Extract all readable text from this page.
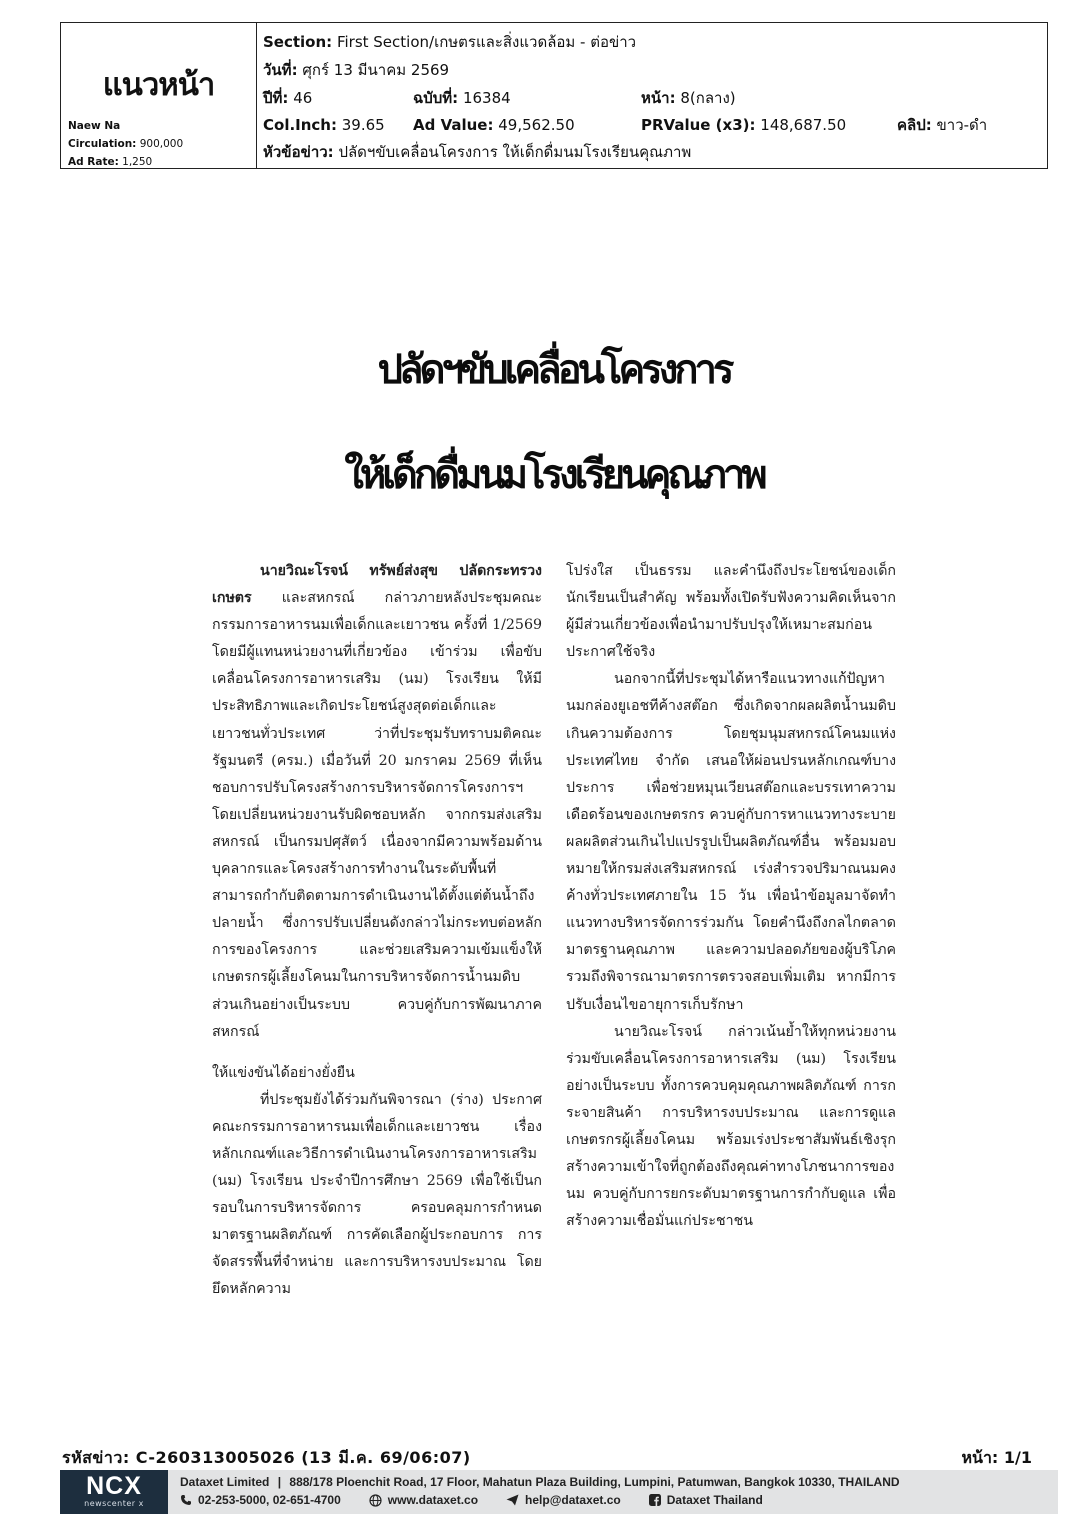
แนวหน้า
Naew Na
Circulation: 900,000
Ad Rate: 1,250
Section: First Section/เกษตรและสิ่งแวดล้อม - ต่อข่าว
วันที่: ศุกร์ 13 มีนาคม 2569
ปีที่: 46	ฉบับที่: 16384	หน้า: 8(กลาง)
Col.Inch: 39.65 Ad Value: 49,562.50	PRValue (x3): 148,687.50	คลิป: ขาว-ดำ
หัวข้อข่าว: ปลัดฯขับเคลื่อนโครงการ ให้เด็กดื่มนมโรงเรียนคุณภาพ
ปลัดฯขับเคลื่อนโครงการ
ให้เด็กดื่มนมโรงเรียนคุณภาพ

นายวิณะโรจน์ ทรัพย์ส่งสุข ปลัดกระทรวงเกษตร และสหกรณ์ กล่าวภายหลังประชุมคณะกรรมการอาหารนมเพื่อเด็กและเยาวชน ครั้งที่ 1/2569 โดยมีผู้แทนหน่วยงานที่เกี่ยวข้อง เข้าร่วม เพื่อขับเคลื่อนโครงการอาหารเสริม (นม) โรงเรียน ให้มีประสิทธิภาพและเกิดประโยชน์สูงสุดต่อเด็กและเยาวชนทั่วประเทศ ว่าที่ประชุมรับทราบมติคณะรัฐมนตรี (ครม.) เมื่อวันที่ 20 มกราคม 2569 ที่เห็นชอบการปรับโครงสร้างการบริหารจัดการโครงการฯ โดยเปลี่ยนหน่วยงานรับผิดชอบหลัก จากกรมส่งเสริมสหกรณ์ เป็นกรมปศุสัตว์ เนื่องจากมีความพร้อมด้านบุคลากรและโครงสร้างการทำงานในระดับพื้นที่ สามารถกำกับติดตามการดำเนินงานได้ตั้งแต่ต้นน้ำถึงปลายน้ำ ซึ่งการปรับเปลี่ยนดังกล่าวไม่กระทบต่อหลักการของโครงการ และช่วยเสริมความเข้มแข็งให้เกษตรกรผู้เลี้ยงโคนมในการบริหารจัดการน้ำนมดิบส่วนเกินอย่างเป็นระบบ ควบคู่กับการพัฒนาภาคสหกรณ์

ให้แข่งขันได้อย่างยั่งยืน

ที่ประชุมยังได้ร่วมกันพิจารณา (ร่าง) ประกาศคณะกรรมการอาหารนมเพื่อเด็กและเยาวชน เรื่อง หลักเกณฑ์และวิธีการดำเนินงานโครงการอาหารเสริม (นม) โรงเรียน ประจำปีการศึกษา 2569 เพื่อใช้เป็นกรอบในการบริหารจัดการ ครอบคลุมการกำหนดมาตรฐานผลิตภัณฑ์ การคัดเลือกผู้ประกอบการ การจัดสรรพื้นที่จำหน่าย และการบริหารงบประมาณ โดยยึดหลักความ

โปร่งใส เป็นธรรม และคำนึงถึงประโยชน์ของเด็กนักเรียนเป็นสำคัญ พร้อมทั้งเปิดรับฟังความคิดเห็นจากผู้มีส่วนเกี่ยวข้องเพื่อนำมาปรับปรุงให้เหมาะสมก่อนประกาศใช้จริง

นอกจากนี้ที่ประชุมได้หารือแนวทางแก้ปัญหานมกล่องยูเอชทีค้างสต๊อก ซึ่งเกิดจากผลผลิตน้ำนมดิบเกินความต้องการ โดยชุมนุมสหกรณ์โคนมแห่งประเทศไทย จำกัด เสนอให้ผ่อนปรนหลักเกณฑ์บางประการ เพื่อช่วยหมุนเวียนสต๊อกและบรรเทาความเดือดร้อนของเกษตรกร ควบคู่กับการหาแนวทางระบายผลผลิตส่วนเกินไปแปรรูปเป็นผลิตภัณฑ์อื่น พร้อมมอบหมายให้กรมส่งเสริมสหกรณ์ เร่งสำรวจปริมาณนมคงค้างทั่วประเทศภายใน 15 วัน เพื่อนำข้อมูลมาจัดทำแนวทางบริหารจัดการร่วมกัน โดยคำนึงถึงกลไกตลาด มาตรฐานคุณภาพ และความปลอดภัยของผู้บริโภค รวมถึงพิจารณามาตรการตรวจสอบเพิ่มเติม หากมีการปรับเงื่อนไขอายุการเก็บรักษา

นายวิณะโรจน์ กล่าวเน้นย้ำให้ทุกหน่วยงานร่วมขับเคลื่อนโครงการอาหารเสริม (นม) โรงเรียนอย่างเป็นระบบ ทั้งการควบคุมคุณภาพผลิตภัณฑ์ การกระจายสินค้า การบริหารงบประมาณ และการดูแลเกษตรกรผู้เลี้ยงโคนม พร้อมเร่งประชาสัมพันธ์เชิงรุกสร้างความเข้าใจที่ถูกต้องถึงคุณค่าทางโภชนาการของนม ควบคู่กับการยกระดับมาตรฐานการกำกับดูแล เพื่อสร้างความเชื่อมั่นแก่ประชาชน

รหัสข่าว: C-260313005026 (13 มี.ค. 69/06:07)	หน้า: 1/1
NCX
newscenter x
Dataxet Limited | 888/178 Ploenchit Road, 17 Floor, Mahatun Plaza Building, Lumpini, Patumwan, Bangkok 10330, THAILAND
02-253-5000, 02-651-4700	www.dataxet.co	help@dataxet.co	Dataxet Thailand
